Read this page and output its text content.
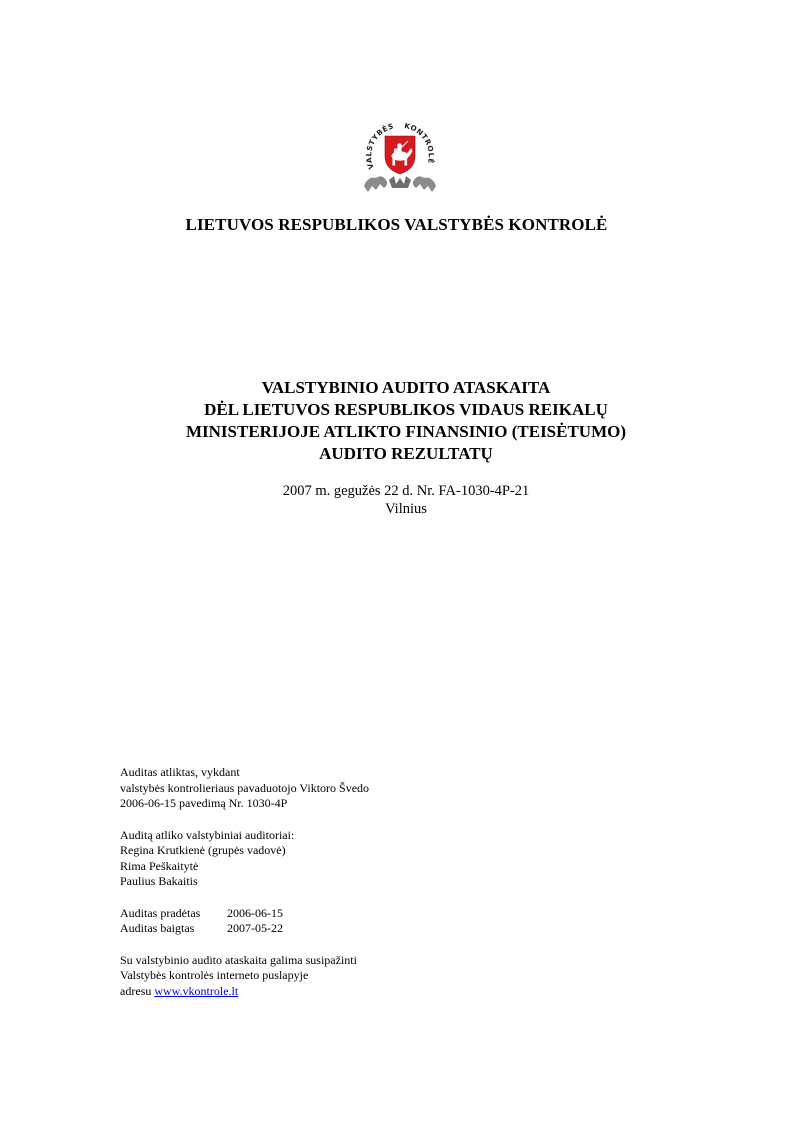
VALSTYBĖS KONTROLĖ
LIETUVOS RESPUBLIKOS VALSTYBĖS KONTROLĖ
VALSTYBINIO AUDITO ATASKAITA
DĖL LIETUVOS RESPUBLIKOS VIDAUS REIKALŲ
MINISTERIJOJE ATLIKTO FINANSINIO (TEISĖTUMO)
AUDITO REZULTATŲ
2007 m. gegužės 22 d. Nr. FA-1030-4P-21
Vilnius
Auditas atliktas, vykdant
valstybės kontrolieriaus pavaduotojo Viktoro Švedo
2006-06-15 pavedimą Nr. 1030-4P
Auditą atliko valstybiniai auditoriai:
Regina Krutkienė (grupės vadovė)
Rima Peškaitytė
Paulius Bakaitis
Auditas pradėtas 2006-06-15
Auditas baigtas	2007-05-22
Su valstybinio audito ataskaita galima susipažinti
Valstybės kontrolės interneto puslapyje
adresu www.vkontrole.lt
